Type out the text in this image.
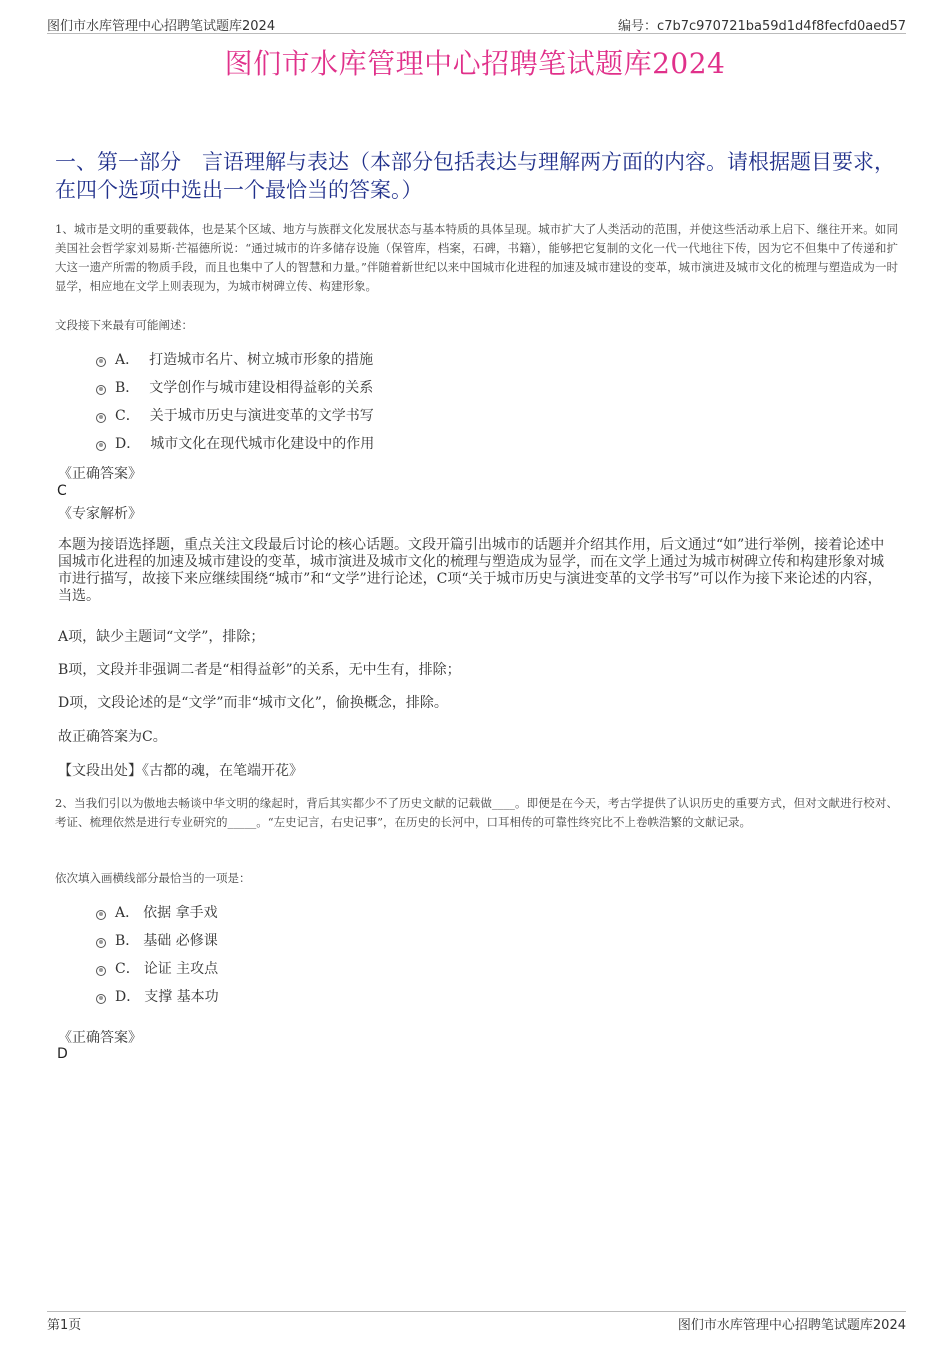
图们市水库管理中心招聘笔试题库2024	编号：c7b7c970721ba59d1d4f8fecfd0aed57
图们市水库管理中心招聘笔试题库2024
一、第一部分　言语理解与表达（本部分包括表达与理解两方面的内容。请根据题目要求，在四个选项中选出一个最恰当的答案。）
1、城市是文明的重要载体，也是某个区域、地方与族群文化发展状态与基本特质的具体呈现。城市扩大了人类活动的范围，并使这些活动承上启下、继往开来。如同美国社会哲学家刘易斯·芒福德所说：“通过城市的许多储存设施（保管库，档案，石碑，书籍），能够把它复制的文化一代一代地往下传，因为它不但集中了传递和扩大这一遗产所需的物质手段，而且也集中了人的智慧和力量。”伴随着新世纪以来中国城市化进程的加速及城市建设的变革，城市演进及城市文化的梳理与塑造成为一时显学，相应地在文学上则表现为，为城市树碑立传、构建形象。
文段接下来最有可能阐述：
A． 打造城市名片、树立城市形象的措施
B． 文学创作与城市建设相得益彰的关系
C． 关于城市历史与演进变革的文学书写
D． 城市文化在现代城市化建设中的作用
《正确答案》
C
《专家解析》
本题为接语选择题，重点关注文段最后讨论的核心话题。文段开篇引出城市的话题并介绍其作用，后文通过“如”进行举例，接着论述中国城市化进程的加速及城市建设的变革，城市演进及城市文化的梳理与塑造成为显学，而在文学上通过为城市树碑立传和构建形象对城市进行描写，故接下来应继续围绕“城市”和“文学”进行论述，C项“关于城市历史与演进变革的文学书写”可以作为接下来论述的内容，当选。
A项，缺少主题词“文学”，排除；
B项，文段并非强调二者是“相得益彰”的关系，无中生有，排除；
D项，文段论述的是“文学”而非“城市文化”，偷换概念，排除。
故正确答案为C。
【文段出处】《古都的魂，在笔端开花》
2、当我们引以为傲地去畅谈中华文明的缘起时，背后其实都少不了历史文献的记载做____。即便是在今天，考古学提供了认识历史的重要方式，但对文献进行校对、考证、梳理依然是进行专业研究的_____。“左史记言，右史记事”，在历史的长河中，口耳相传的可靠性终究比不上卷帙浩繁的文献记录。
依次填入画横线部分最恰当的一项是：
A． 依据 拿手戏
B． 基础 必修课
C． 论证 主攻点
D． 支撑 基本功
《正确答案》
D
第1页	图们市水库管理中心招聘笔试题库2024
